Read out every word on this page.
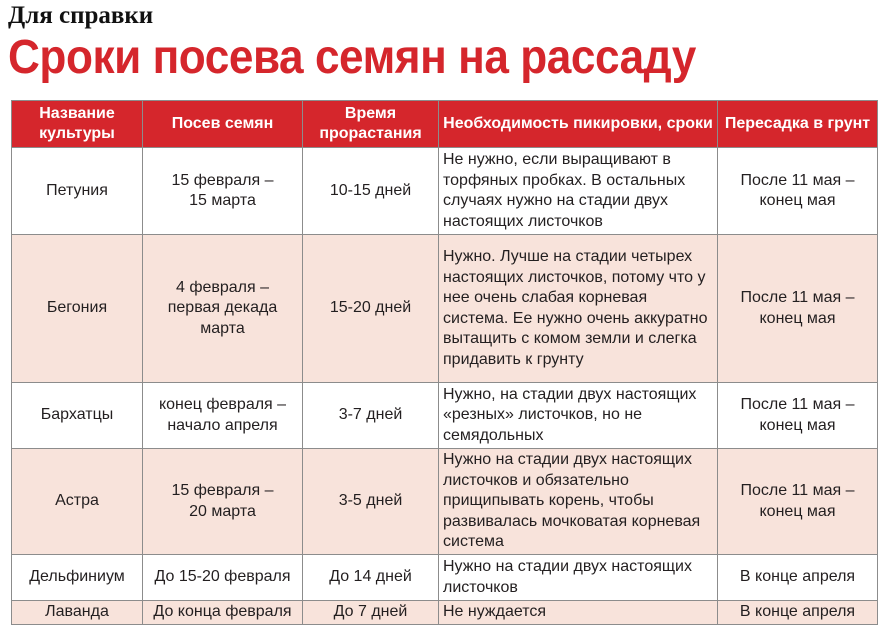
Для справки
Сроки посева семян на рассаду
Название культуры	Посев семян	Время прорастания	Необходимость пикировки, сроки	Пересадка в грунт
Петуния	15 февраля – 15 марта	10-15 дней	Не нужно, если выращивают в торфяных пробках. В остальных случаях нужно на стадии двух настоящих листочков	После 11 мая – конец мая
Бегония	4 февраля – первая декада марта	15-20 дней	Нужно. Лучше на стадии четырех настоящих листочков, потому что у нее очень слабая корневая система. Ее нужно очень аккуратно вытащить с комом земли и слегка придавить к грунту	После 11 мая – конец мая
Бархатцы	конец февраля – начало апреля	3-7 дней	Нужно, на стадии двух настоящих «резных» листочков, но не семядольных	После 11 мая – конец мая
Астра	15 февраля – 20 марта	3-5 дней	Нужно на стадии двух настоящих листочков и обязательно прищипывать корень, чтобы развивалась мочковатая корневая система	После 11 мая – конец мая
Дельфиниум	До 15-20 февраля	До 14 дней	Нужно на стадии двух настоящих листочков	В конце апреля
Лаванда	До конца февраля	До 7 дней	Не нуждается	В конце апреля
